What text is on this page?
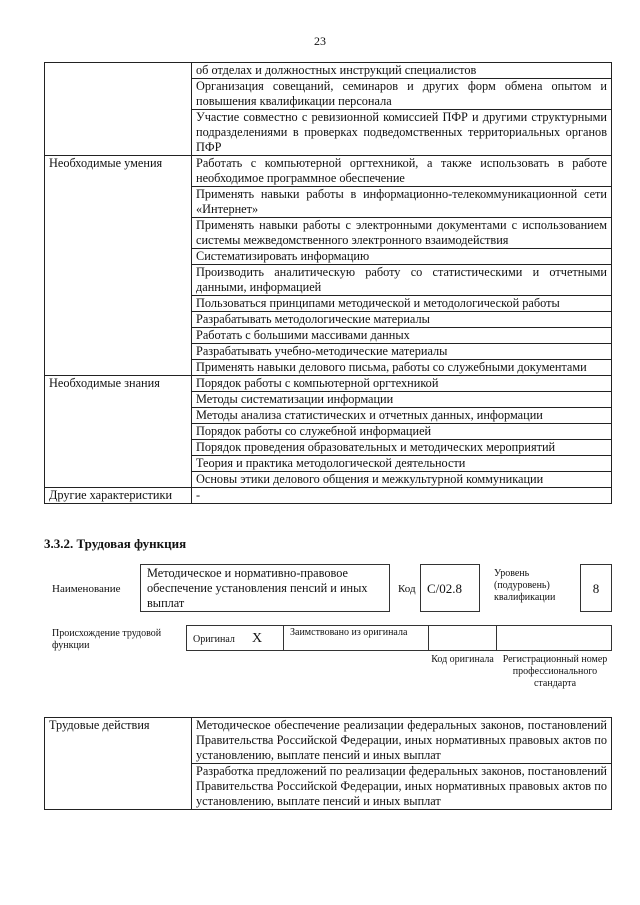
23
	об отделах и должностных инструкций специалистов
	Организация совещаний, семинаров и других форм обмена опытом и повышения квалификации персонала
	Участие совместно с ревизионной комиссией ПФР и другими структурными подразделениями в проверках подведомственных территориальных органов ПФР
Необходимые умения	Работать с компьютерной оргтехникой, а также использовать в работе необходимое программное обеспечение
	Применять навыки работы в информационно-телекоммуникационной сети «Интернет»
	Применять навыки работы с электронными документами с использованием системы межведомственного электронного взаимодействия
	Систематизировать информацию
	Производить аналитическую работу со статистическими и отчетными данными, информацией
	Пользоваться принципами методической и методологической работы
	Разрабатывать методологические материалы
	Работать с большими массивами данных
	Разрабатывать учебно-методические материалы
	Применять навыки делового письма, работы со служебными документами
Необходимые знания	Порядок работы с компьютерной оргтехникой
	Методы систематизации информации
	Методы анализа статистических и отчетных данных, информации
	Порядок работы со служебной информацией
	Порядок проведения образовательных и методических мероприятий
	Теория и практика методологической деятельности
	Основы этики делового общения и межкультурной коммуникации
Другие характеристики	-
3.3.2. Трудовая функция
Наименование
Методическое и нормативно-правовое обеспечение установления пенсий и иных выплат
Код C/02.8
Уровень (подуровень) квалификации
8
Происхождение трудовой функции
Оригинал X	Заимствовано из оригинала
Код оригинала Регистрационный номер профессионального стандарта
Трудовые действия	Методическое обеспечение реализации федеральных законов, постановлений Правительства Российской Федерации, иных нормативных правовых актов по установлению, выплате пенсий и иных выплат
Разработка предложений по реализации федеральных законов, постановлений Правительства Российской Федерации, иных нормативных правовых актов по установлению, выплате пенсий и иных выплат
